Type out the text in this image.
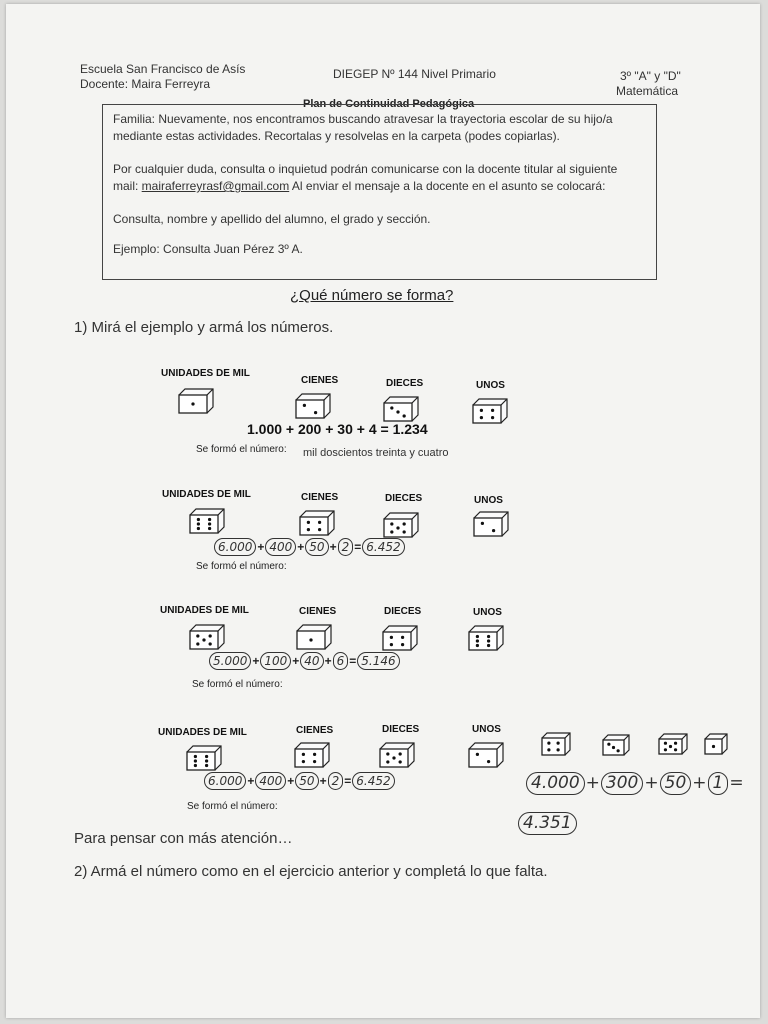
Escuela San Francisco de Asís
Docente: Maira Ferreyra
DIEGEP Nº 144 Nivel Primario	3º "A" y "D"
Matemática
Plan de Continuidad Pedagógica

Familia: Nuevamente, nos encontramos buscando atravesar la trayectoria escolar de su hijo/a

mediante estas actividades. Recortalas y resolvelas en la carpeta (podes copiarlas).

Por cualquier duda, consulta o inquietud podrán comunicarse con la docente titular al siguiente

mail: mairaferreyrasf@gmail.com Al enviar el mensaje a la docente en el asunto se colocará:

Consulta, nombre y apellido del alumno, el grado y sección.

Ejemplo: Consulta Juan Pérez 3º A.

¿Qué número se forma?
1) Mirá el ejemplo y armá los números.
UNIDADES DE MIL
CIENES	DIECES	UNOS
1.000 + 200 + 30 + 4 = 1.234
Se formó el número: mil doscientos treinta y cuatro
UNIDADES DE MIL	CIENES	DIECES	UNOS
6.000 + 400 + 50 + 2 = 6.452
Se formó el número:
UNIDADES DE MIL	CIENES	DIECES	UNOS
5.000 + 100 + 40 + 6 = 5.146
Se formó el número:
UNIDADES DE MIL	CIENES	DIECES	UNOS
6.000 + 400 + 50 + 2 = 6.452
Se formó el número:
4.000 + 300 + 50 + 1 =
4.351
Para pensar con más atención…
2) Armá el número como en el ejercicio anterior y completá lo que falta.
